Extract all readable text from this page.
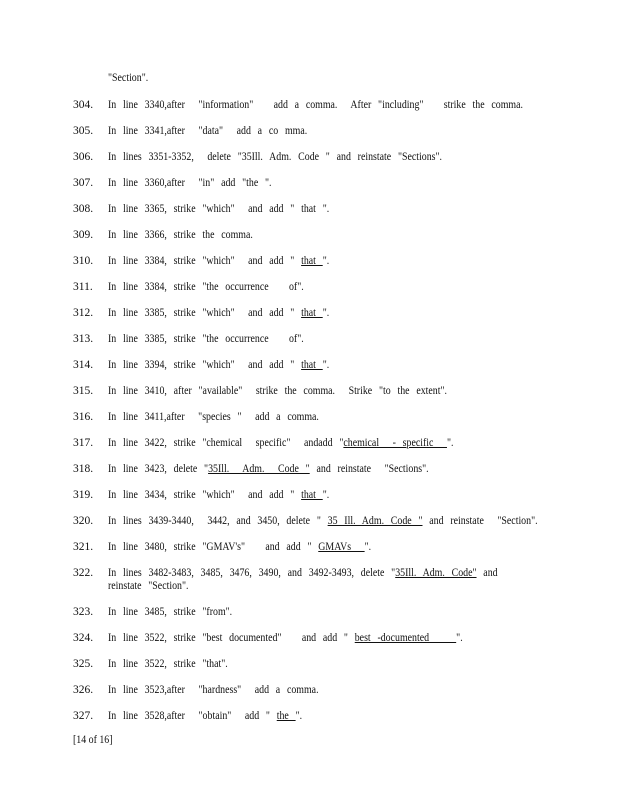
"Section".
304.	In line 3340,after  "information"   add a comma.  After "including"   strike the comma.
305.	In line 3341,after  "data"  add a co mma.
306.	In lines 3351-3352,  delete "35Ill. Adm. Code " and reinstate "Sections".
307.	In line 3360,after  "in" add "the ".
308.	In line 3365, strike "which"  and add " that ".
309.	In line 3366, strike the comma.
310.	In line 3384, strike "which"  and add " that ".
311.	In line 3384, strike "the occurrence   of".
312.	In line 3385, strike "which"  and add " that ".
313.	In line 3385, strike "the occurrence   of".
314.	In line 3394, strike "which"  and add " that ".
315.	In line 3410, after "available"  strike the comma.  Strike "to the extent".
316.	In line 3411,after  "species "  add a comma.
317.	In line 3422, strike "chemical  specific"  andadd "chemical  - specific  ".
318.	In line 3423, delete "35Ill.  Adm.  Code " and reinstate  "Sections".
319.	In line 3434, strike "which"  and add " that ".
320.	In lines 3439-3440,  3442, and 3450, delete " 35 Ill. Adm. Code " and reinstate  "Section".
321.	In line 3480, strike "GMAV's"   and add " GMAVs  ".
322.	In lines 3482-3483, 3485, 3476, 3490, and 3492-3493, delete "35Ill. Adm. Code" and reinstate "Section".
323.	In line 3485, strike "from".
324.	In line 3522, strike "best documented"   and add " best -documented    ".
325.	In line 3522, strike "that".
326.	In line 3523,after  "hardness"  add a comma.
327.	In line 3528,after  "obtain"  add " the ".
[14 of 16]
